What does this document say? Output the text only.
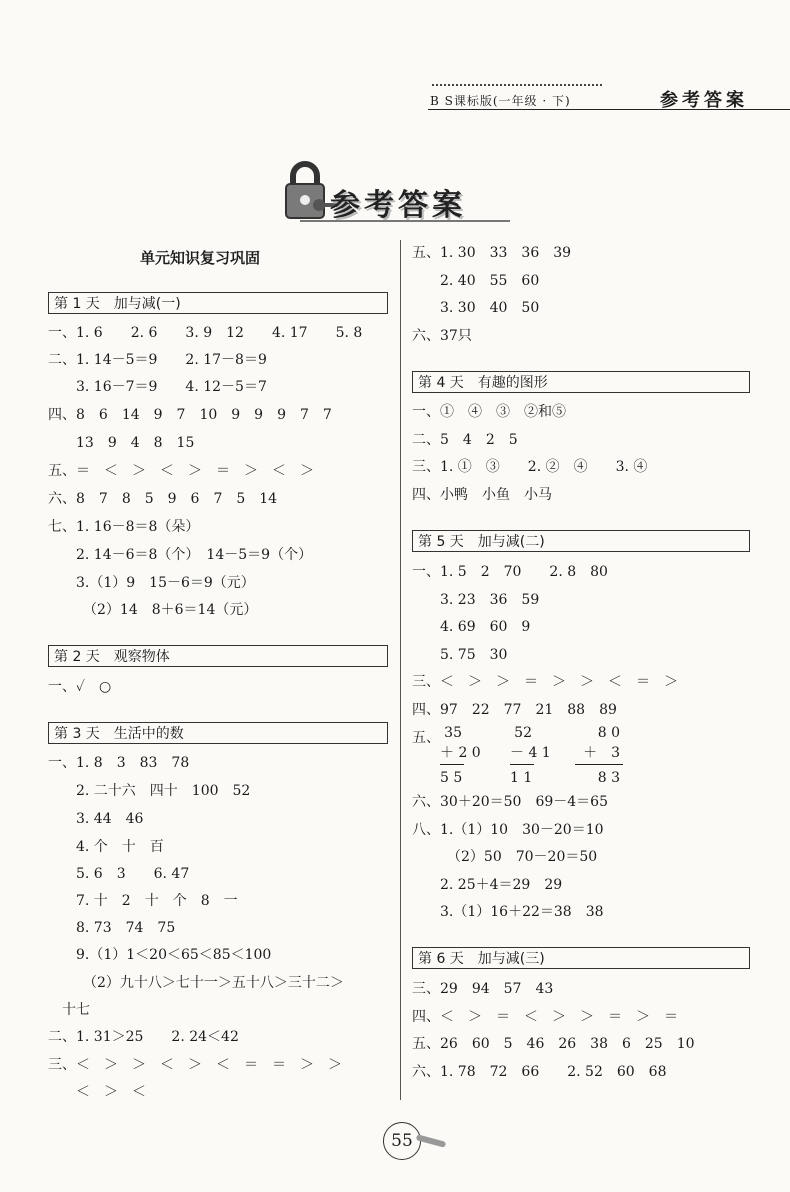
B S课标版(一年级 · 下)	参考答案
参考答案
单元知识复习巩固
第 1 天　加与减(一)
一、1. 6　　2. 6　　3. 9　12　　4. 17　　5. 8
二、1. 14－5＝9　　2. 17－8＝9
　　3. 16－7＝9　　4. 12－5＝7
四、8　6　14　9　7　10　9　9　9　7　7
　　13　9　4　8　15
五、＝　＜　＞　＜　＞　＝　＞　＜　＞
六、8　7　8　5　9　6　7　5　14
七、1. 16－8＝8（朵）
　　2. 14－6＝8（个）　14－5＝9（个）
　　3.（1）9　15－6＝9（元）
　　　（2）14　8＋6＝14（元）
第 2 天　观察物体
一、✓　○
第 3 天　生活中的数
一、1. 8　3　83　78
　　2. 二十六　四十　100　52
　　3. 44　46
　　4. 个　十　百
　　5. 6　3　　6. 47
　　7. 十　2　十　个　8　一
　　8. 73　74　75
　　9.（1）1＜20＜65＜85＜100
　　　（2）九十八＞七十一＞五十八＞三十二＞
　十七
二、1. 31＞25　　2. 24＜42
三、＜　＞　＞　＜　＞　＜　＝　＝　＞　＞
　　＜　＞　＜
五、1. 30　33　36　39
　　2. 40　55　60
　　3. 30　40　50
六、37只
第 4 天　有趣的图形
一、①　④　③　②和⑤
二、5　4　2　5
三、1. ①　③　　2. ②　④　　3. ④
四、小鸭　小鱼　小马
第 5 天　加与减(二)
一、1. 5　2　70　　2. 8　80
　　3. 23　36　59
　　4. 69　60　9
　　5. 75　30
三、＜　＞　＞　＝　＞　＞　＜　＝　＞
四、97　22　77　21　88　89
五、 35
＋ 2 0
5 5
52
－ 4 1
1 1
8 0
＋　3
8 3
六、30＋20＝50　69－4＝65
八、1.（1）10　30－20＝10
　　　（2）50　70－20＝50
　　2. 25＋4＝29　29
　　3.（1）16＋22＝38　38
第 6 天　加与减(三)
三、29　94　57　43
四、＜　＞　＝　＜　＞　＞　＝　＞　＝
五、26　60　5　46　26　38　6　25　10
六、1. 78　72　66　　2. 52　60　68
55
